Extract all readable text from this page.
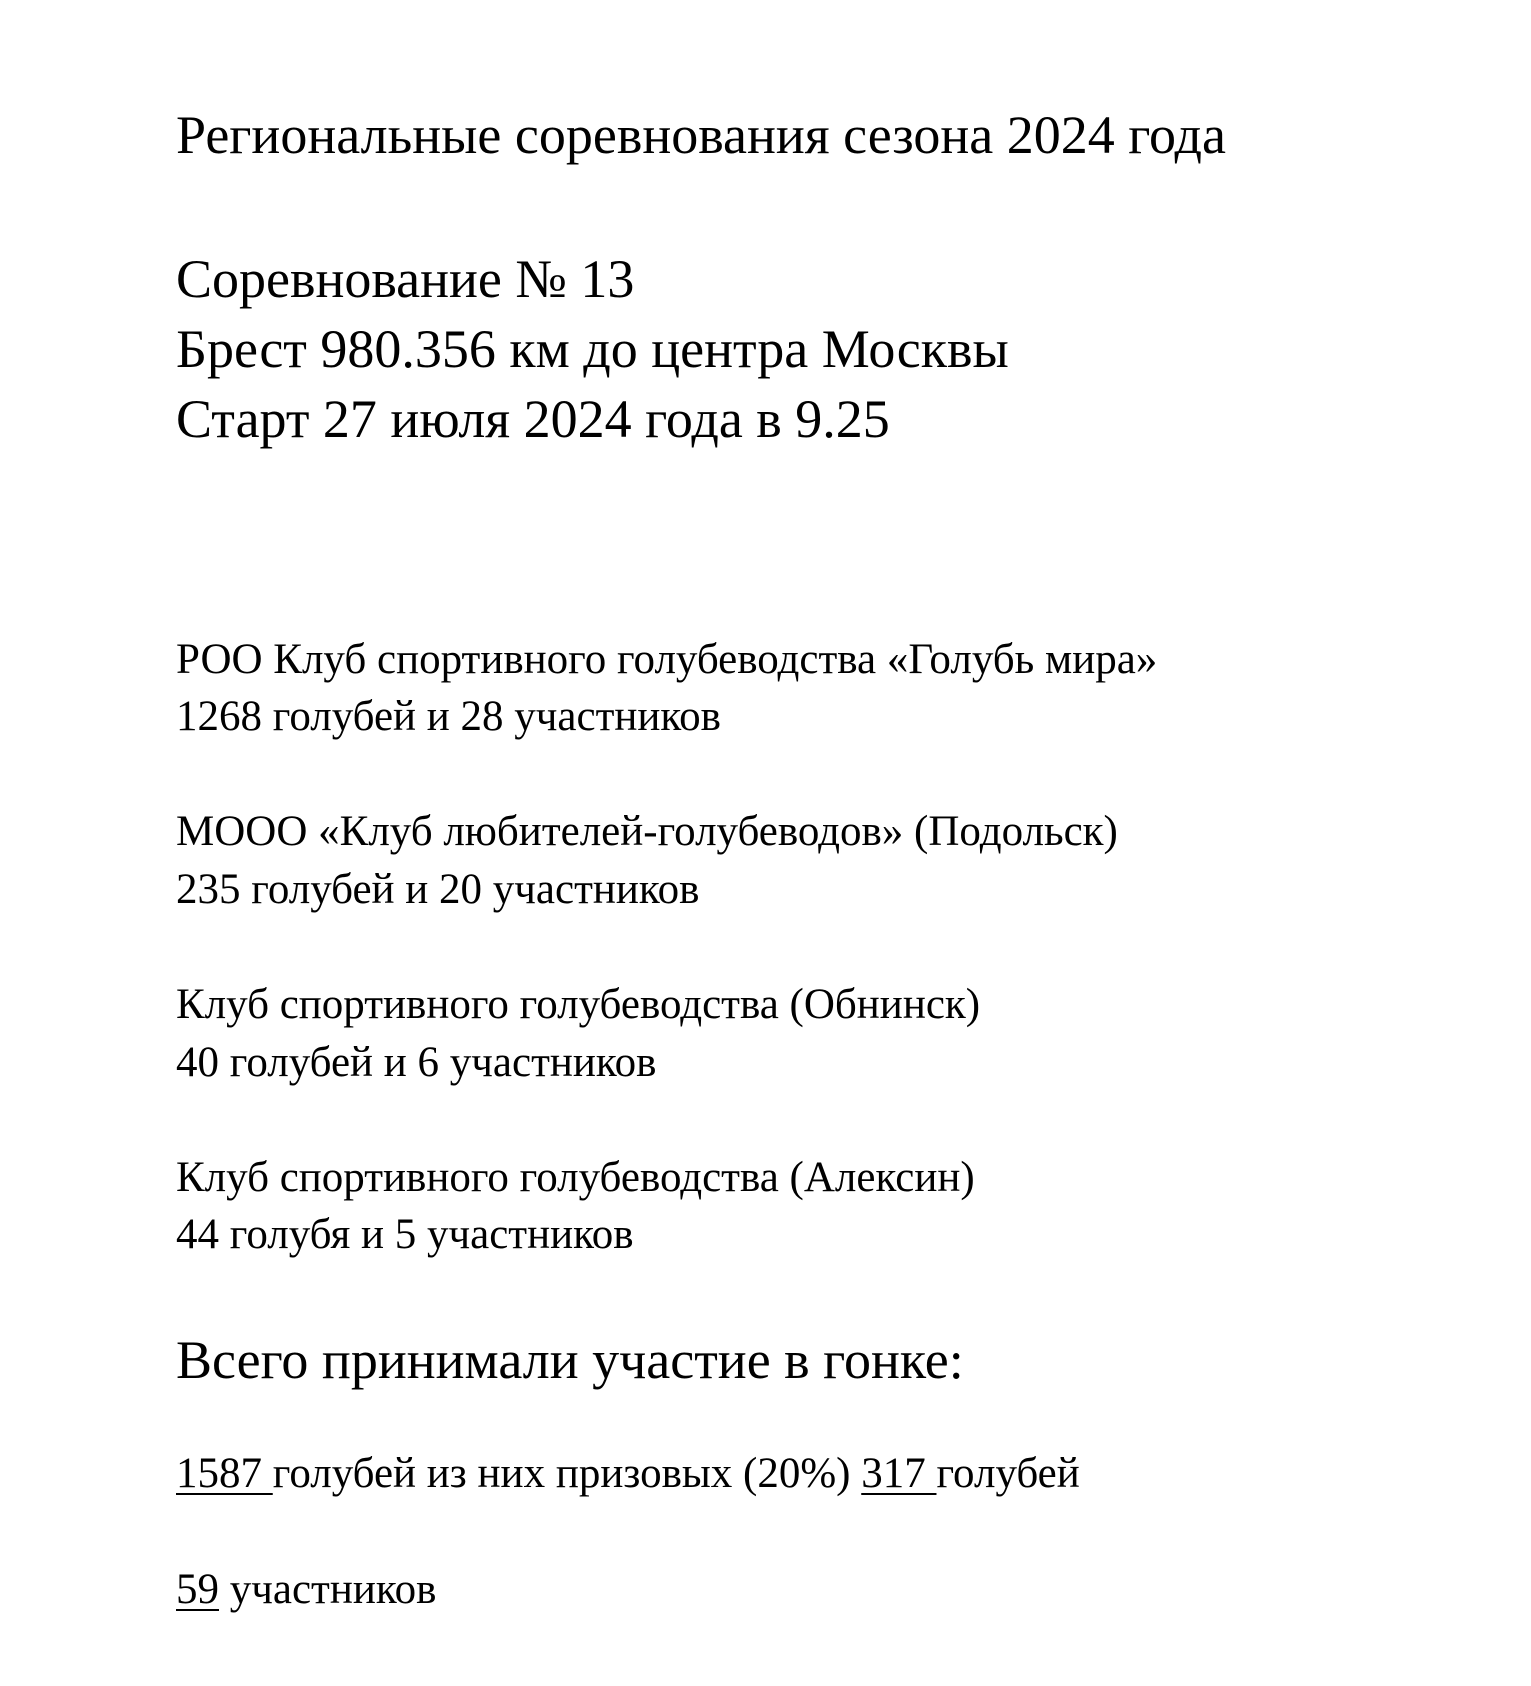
Региональные соревнования сезона 2024 года
Соревнование № 13
Брест 980.356 км до центра Москвы
Старт 27 июля 2024 года в 9.25
РОО Клуб спортивного голубеводства «Голубь мира»
1268 голубей и 28 участников
МООО «Клуб любителей-голубеводов» (Подольск)
235 голубей и 20 участников
Клуб спортивного голубеводства (Обнинск)
40 голубей и 6 участников
Клуб спортивного голубеводства (Алексин)
44 голубя и 5 участников
Всего принимали участие в гонке:
1587 голубей из них призовых (20%) 317 голубей
59 участников
